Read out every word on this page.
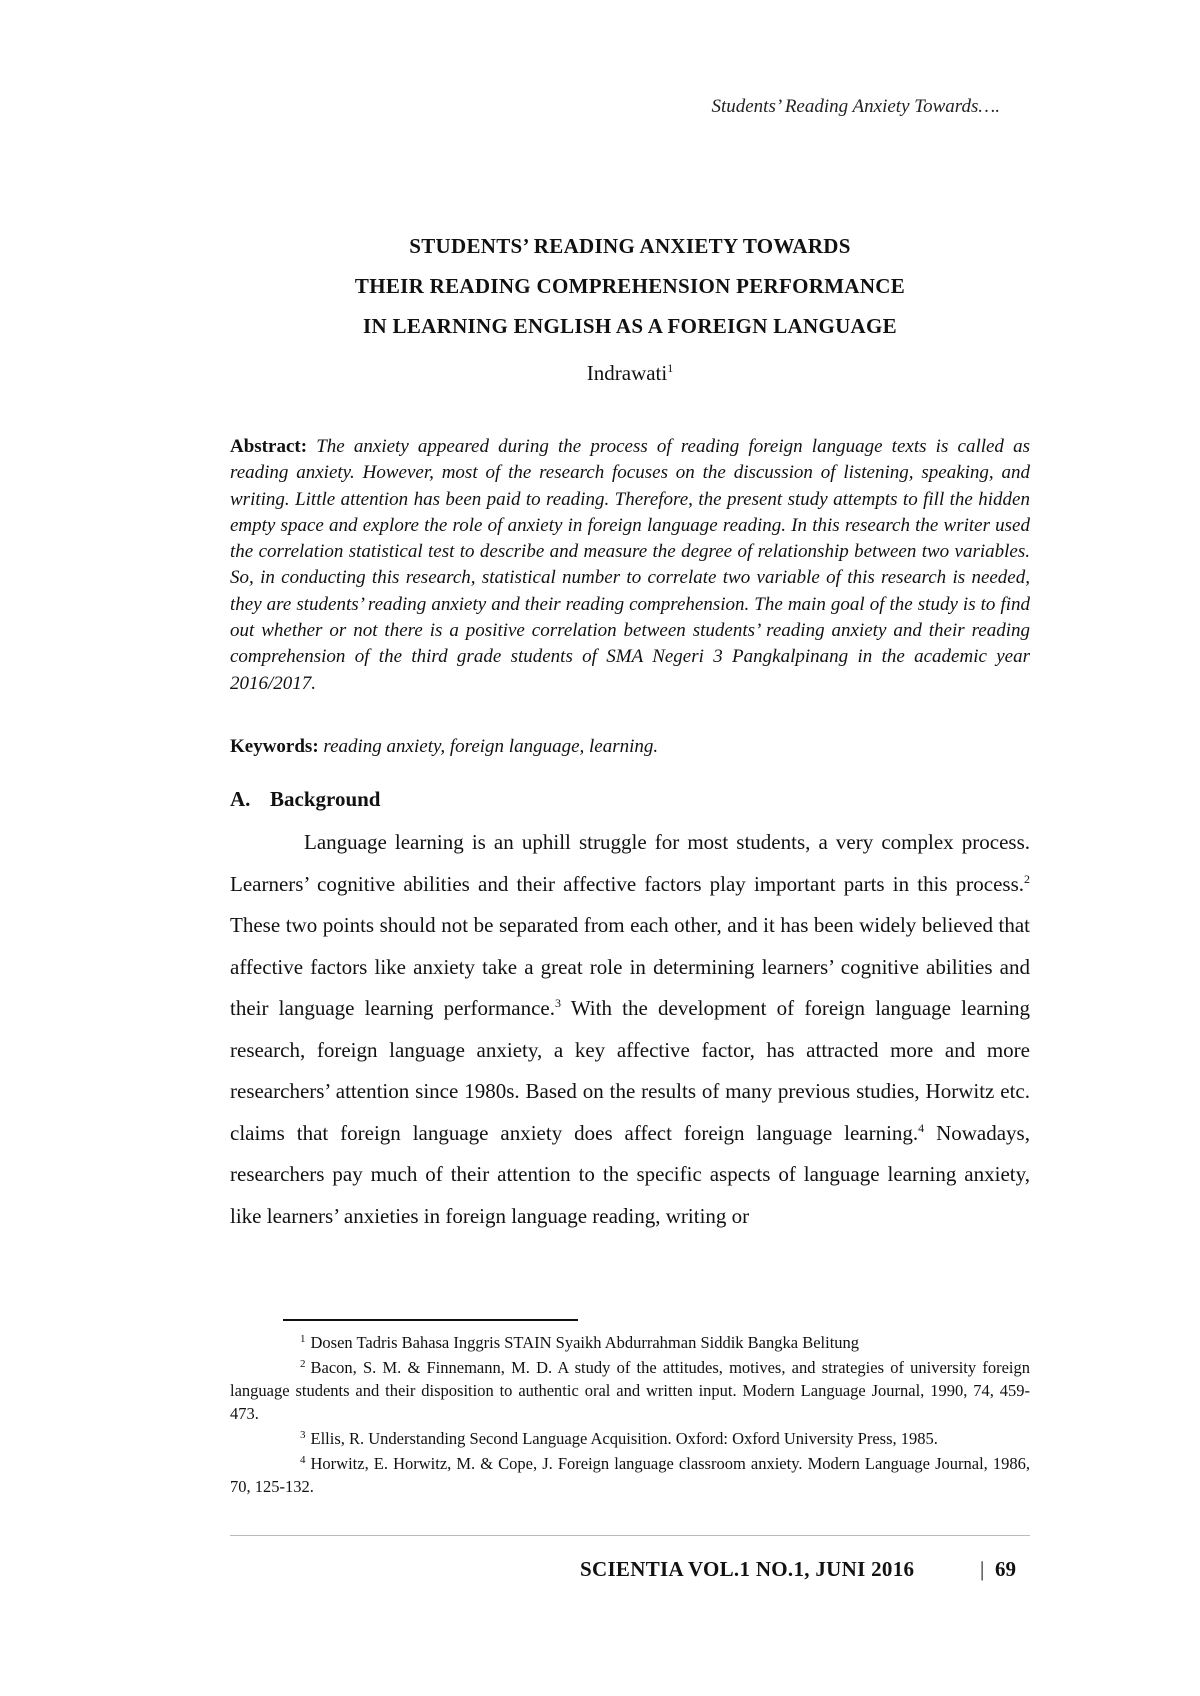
Students’ Reading Anxiety Towards….
STUDENTS’ READING ANXIETY TOWARDS
THEIR READING COMPREHENSION PERFORMANCE
IN LEARNING ENGLISH AS A FOREIGN LANGUAGE
Indrawati$^1$
Abstract: The anxiety appeared during the process of reading foreign language texts is called as reading anxiety. However, most of the research focuses on the discussion of listening, speaking, and writing. Little attention has been paid to reading. Therefore, the present study attempts to fill the hidden empty space and explore the role of anxiety in foreign language reading. In this research the writer used the correlation statistical test to describe and measure the degree of relationship between two variables. So, in conducting this research, statistical number to correlate two variable of this research is needed, they are students’ reading anxiety and their reading comprehension. The main goal of the study is to find out whether or not there is a positive correlation between students’ reading anxiety and their reading comprehension of the third grade students of SMA Negeri 3 Pangkalpinang in the academic year 2016/2017.
Keywords: reading anxiety, foreign language, learning.
A. Background
Language learning is an uphill struggle for most students, a very complex process. Learners’ cognitive abilities and their affective factors play important parts in this process.$^2$ These two points should not be separated from each other, and it has been widely believed that affective factors like anxiety take a great role in determining learners’ cognitive abilities and their language learning performance.$^3$ With the development of foreign language learning research, foreign language anxiety, a key affective factor, has attracted more and more researchers’ attention since 1980s. Based on the results of many previous studies, Horwitz etc. claims that foreign language anxiety does affect foreign language learning.$^4$ Nowadays, researchers pay much of their attention to the specific aspects of language learning anxiety, like learners’ anxieties in foreign language reading, writing or

$^1$ Dosen Tadris Bahasa Inggris STAIN Syaikh Abdurrahman Siddik Bangka Belitung

$^2$ Bacon, S. M. & Finnemann, M. D. A study of the attitudes, motives, and strategies of university foreign language students and their disposition to authentic oral and written input. Modern Language Journal, 1990, 74, 459-473.

$^3$ Ellis, R. Understanding Second Language Acquisition. Oxford: Oxford University Press, 1985.

$^4$ Horwitz, E. Horwitz, M. & Cope, J. Foreign language classroom anxiety. Modern Language Journal, 1986, 70, 125-132.

SCIENTIA VOL.1 NO.1, JUNI 2016	| 69
